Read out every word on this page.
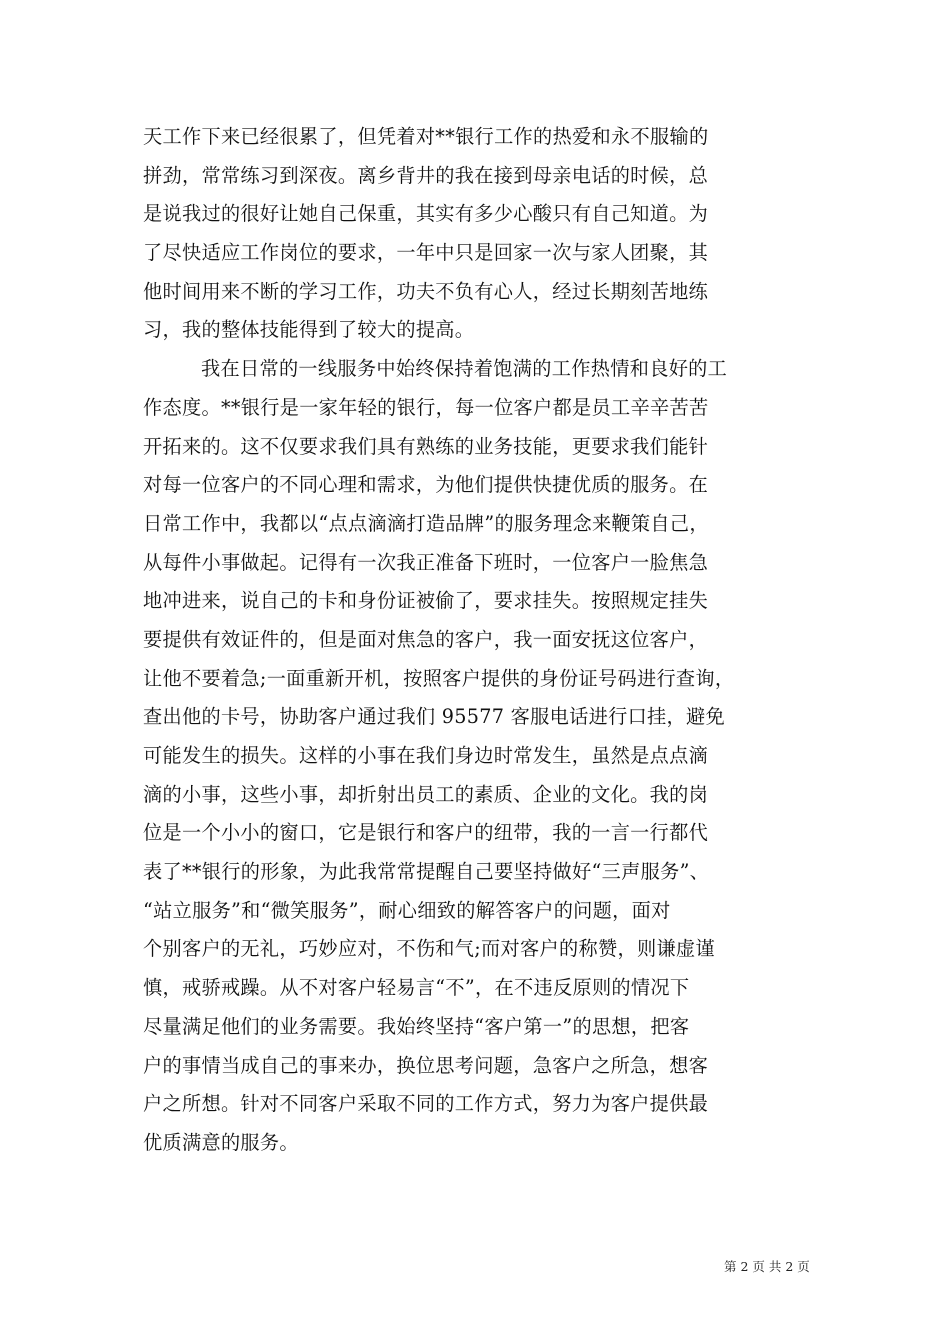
天工作下来已经很累了，但凭着对**银行工作的热爱和永不服输的
拼劲，常常练习到深夜。离乡背井的我在接到母亲电话的时候，总
是说我过的很好让她自己保重，其实有多少心酸只有自己知道。为
了尽快适应工作岗位的要求，一年中只是回家一次与家人团聚，其
他时间用来不断的学习工作，功夫不负有心人，经过长期刻苦地练
习，我的整体技能得到了较大的提高。
我在日常的一线服务中始终保持着饱满的工作热情和良好的工
作态度。**银行是一家年轻的银行，每一位客户都是员工辛辛苦苦
开拓来的。这不仅要求我们具有熟练的业务技能，更要求我们能针
对每一位客户的不同心理和需求，为他们提供快捷优质的服务。在
日常工作中，我都以“点点滴滴打造品牌”的服务理念来鞭策自己，
从每件小事做起。记得有一次我正准备下班时，一位客户一脸焦急
地冲进来，说自己的卡和身份证被偷了，要求挂失。按照规定挂失
要提供有效证件的，但是面对焦急的客户，我一面安抚这位客户，
让他不要着急;一面重新开机，按照客户提供的身份证号码进行查询，
查出他的卡号，协助客户通过我们 95577 客服电话进行口挂，避免
可能发生的损失。这样的小事在我们身边时常发生，虽然是点点滴
滴的小事，这些小事，却折射出员工的素质、企业的文化。我的岗
位是一个小小的窗口，它是银行和客户的纽带，我的一言一行都代
表了**银行的形象，为此我常常提醒自己要坚持做好“三声服务”、
“站立服务”和“微笑服务”，耐心细致的解答客户的问题，面对
个别客户的无礼，巧妙应对，不伤和气;而对客户的称赞，则谦虚谨
慎，戒骄戒躁。从不对客户轻易言“不”，在不违反原则的情况下
尽量满足他们的业务需要。我始终坚持“客户第一”的思想，把客
户的事情当成自己的事来办，换位思考问题，急客户之所急，想客
户之所想。针对不同客户采取不同的工作方式，努力为客户提供最
优质满意的服务。
第 2 页 共 2 页
